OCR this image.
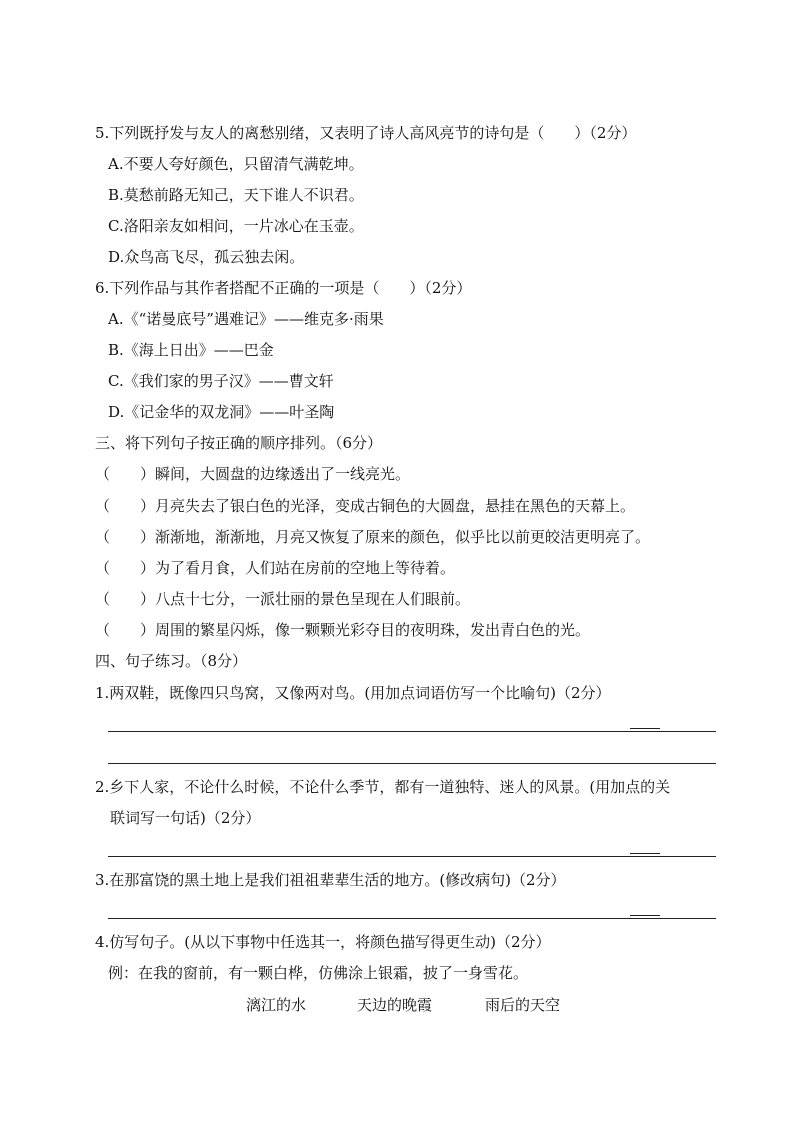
5.下列既抒发与友人的离愁别绪，又表明了诗人高风亮节的诗句是（　　）（2分）
A.不要人夸好颜色，只留清气满乾坤。
B.莫愁前路无知己，天下谁人不识君。
C.洛阳亲友如相问，一片冰心在玉壶。
D.众鸟高飞尽，孤云独去闲。
6.下列作品与其作者搭配不正确的一项是（　　）（2分）
A.《“诺曼底号”遇难记》——维克多·雨果
B.《海上日出》——巴金
C.《我们家的男子汉》——曹文轩
D.《记金华的双龙洞》——叶圣陶
三、将下列句子按正确的顺序排列。（6分）
（　　）瞬间，大圆盘的边缘透出了一线亮光。
（　　）月亮失去了银白色的光泽，变成古铜色的大圆盘，悬挂在黑色的天幕上。
（　　）渐渐地，渐渐地，月亮又恢复了原来的颜色，似乎比以前更皎洁更明亮了。
（　　）为了看月食，人们站在房前的空地上等待着。
（　　）八点十七分，一派壮丽的景色呈现在人们眼前。
（　　）周围的繁星闪烁，像一颗颗光彩夺目的夜明珠，发出青白色的光。
四、句子练习。（8分）
1.两双鞋，既像四只鸟窝，又像两对鸟。(用加点词语仿写一个比喻句)（2分）
2.乡下人家，不论什么时候，不论什么季节，都有一道独特、迷人的风景。(用加点的关
联词写一句话)（2分）
3.在那富饶的黑土地上是我们祖祖辈辈生活的地方。(修改病句)（2分）
4.仿写句子。(从以下事物中任选其一，将颜色描写得更生动)（2分）
例：在我的窗前，有一颗白桦，仿佛涂上银霜，披了一身雪花。
漓江的水	天边的晚霞	雨后的天空
